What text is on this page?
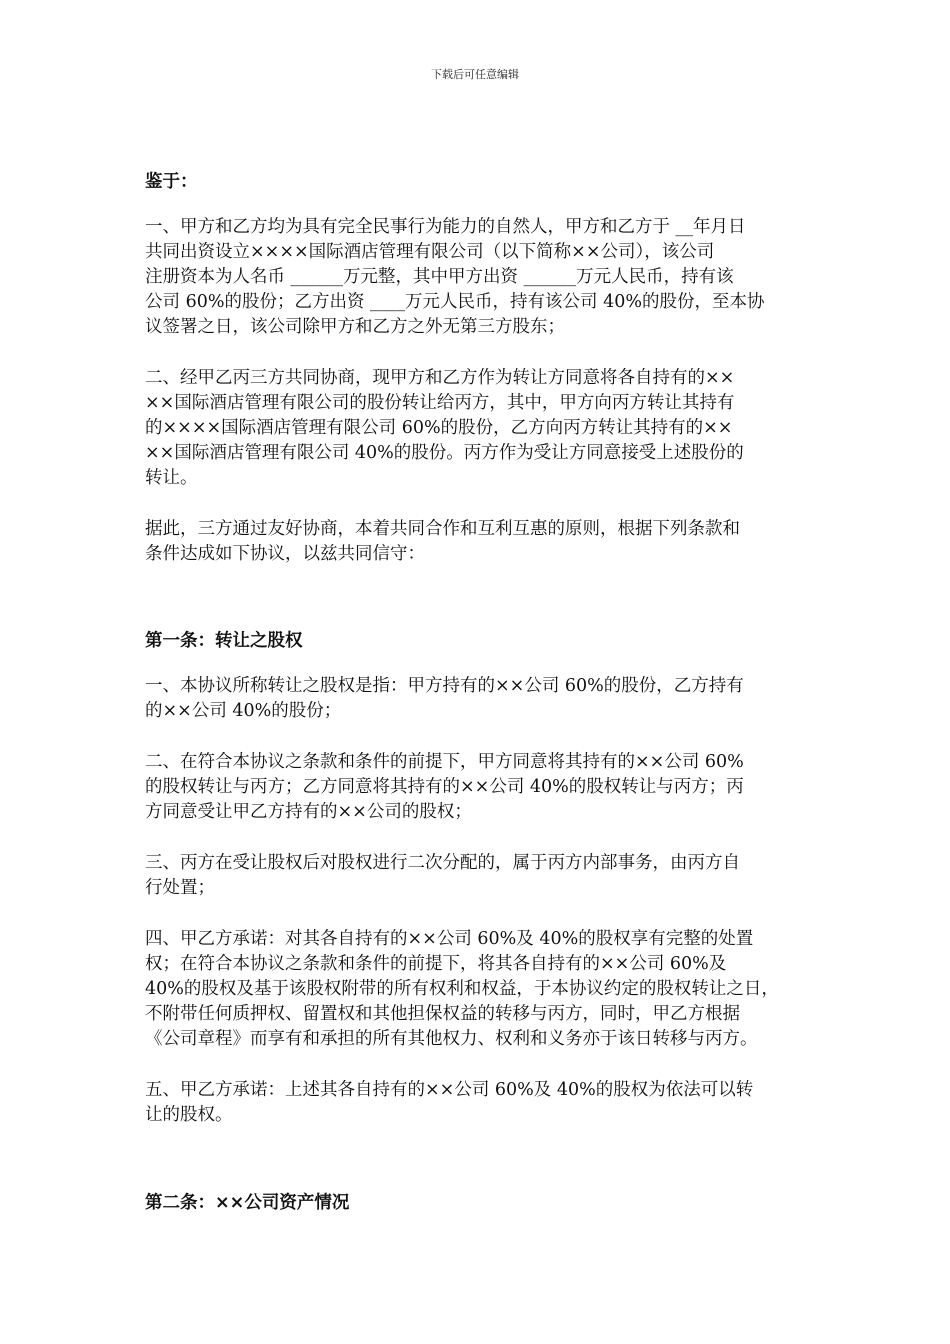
下载后可任意编辑
鉴于：
一、甲方和乙方均为具有完全民事行为能力的自然人，甲方和乙方于 __年月日
共同出资设立××××国际酒店管理有限公司（以下简称××公司），该公司
注册资本为人名币 ______万元整，其中甲方出资 ______万元人民币，持有该
公司 60%的股份；乙方出资 ____万元人民币，持有该公司 40%的股份，至本协
议签署之日，该公司除甲方和乙方之外无第三方股东；
二、经甲乙丙三方共同协商，现甲方和乙方作为转让方同意将各自持有的××
××国际酒店管理有限公司的股份转让给丙方，其中，甲方向丙方转让其持有
的××××国际酒店管理有限公司 60%的股份，乙方向丙方转让其持有的××
××国际酒店管理有限公司 40%的股份。丙方作为受让方同意接受上述股份的
转让。
据此，三方通过友好协商，本着共同合作和互利互惠的原则，根据下列条款和
条件达成如下协议，以兹共同信守：
第一条：转让之股权
一、本协议所称转让之股权是指：甲方持有的××公司 60%的股份，乙方持有
的××公司 40%的股份；
二、在符合本协议之条款和条件的前提下，甲方同意将其持有的××公司 60%
的股权转让与丙方；乙方同意将其持有的××公司 40%的股权转让与丙方；丙
方同意受让甲乙方持有的××公司的股权；
三、丙方在受让股权后对股权进行二次分配的，属于丙方内部事务，由丙方自
行处置；
四、甲乙方承诺：对其各自持有的××公司 60%及 40%的股权享有完整的处置
权；在符合本协议之条款和条件的前提下，将其各自持有的××公司 60%及
40%的股权及基于该股权附带的所有权利和权益，于本协议约定的股权转让之日，
不附带任何质押权、留置权和其他担保权益的转移与丙方，同时，甲乙方根据
《公司章程》而享有和承担的所有其他权力、权利和义务亦于该日转移与丙方。
五、甲乙方承诺：上述其各自持有的××公司 60%及 40%的股权为依法可以转
让的股权。
第二条：××公司资产情况
